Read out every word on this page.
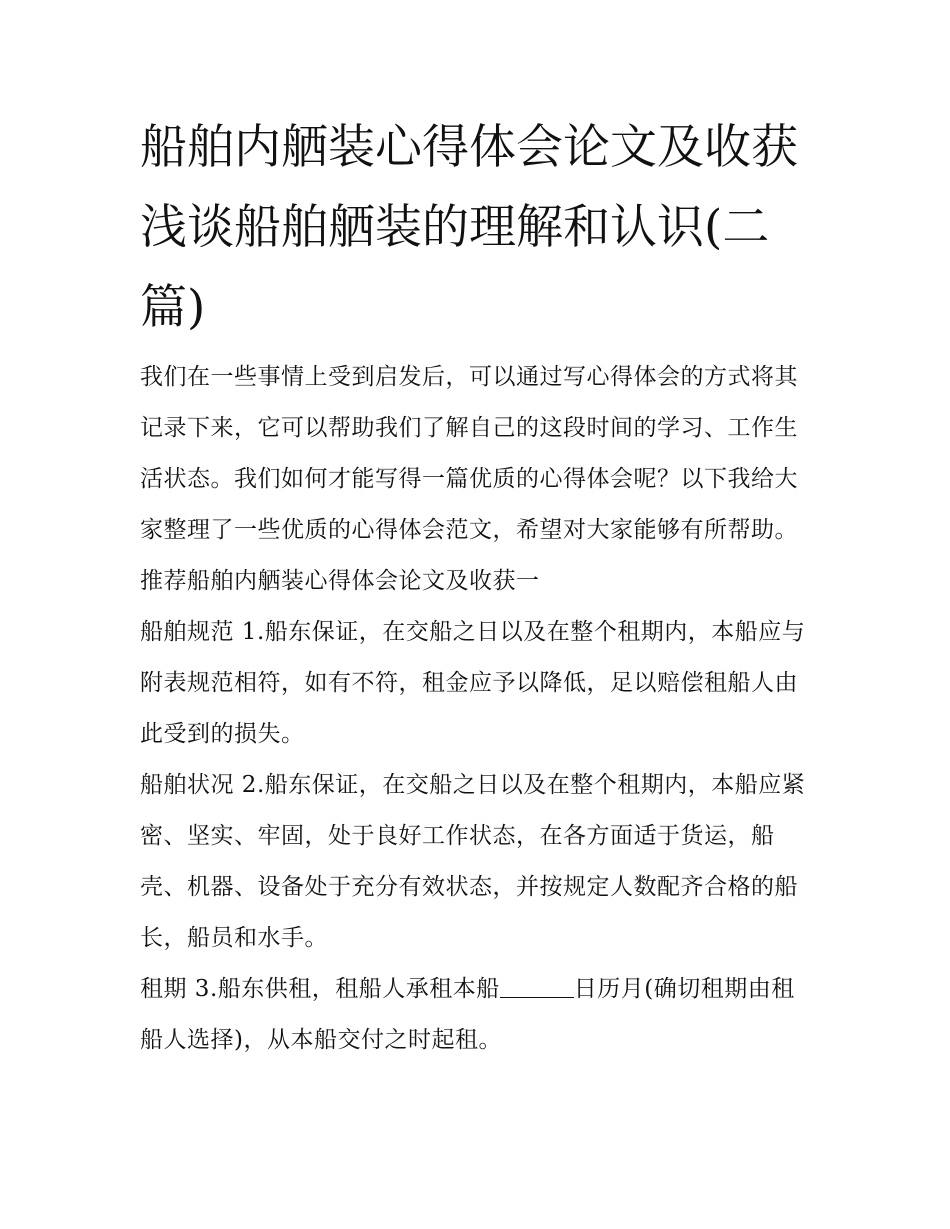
船舶内舾装心得体会论文及收获 浅谈船舶舾装的理解和认识(二篇)

我们在一些事情上受到启发后，可以通过写心得体会的方式将其记录下来，它可以帮助我们了解自己的这段时间的学习、工作生活状态。我们如何才能写得一篇优质的心得体会呢？以下我给大家整理了一些优质的心得体会范文，希望对大家能够有所帮助。

推荐船舶内舾装心得体会论文及收获一

船舶规范 1.船东保证，在交船之日以及在整个租期内，本船应与附表规范相符，如有不符，租金应予以降低，足以赔偿租船人由此受到的损失。

船舶状况 2.船东保证，在交船之日以及在整个租期内，本船应紧密、坚实、牢固，处于良好工作状态，在各方面适于货运，船壳、机器、设备处于充分有效状态，并按规定人数配齐合格的船长，船员和水手。

租期 3.船东供租，租船人承租本船	日历月(确切租期由租船人选择)，从本船交付之时起租。
